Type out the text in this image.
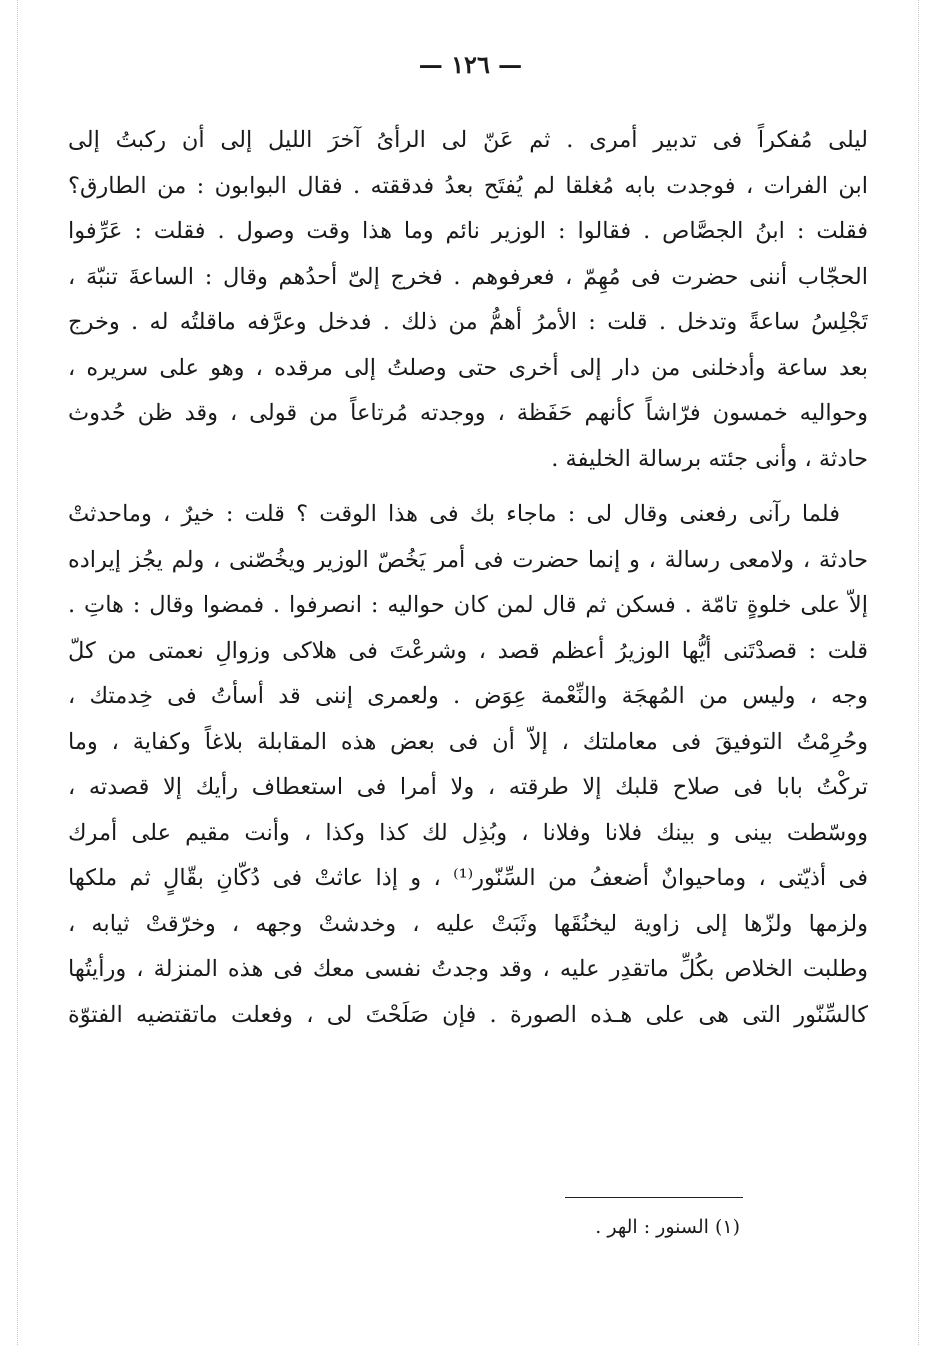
— ١٢٦ —
ليلى مُفكراً فى تدبير أمرى . ثم عَنّ لى الرأىُ آخرَ الليل إلى أن ركبتُ إلى
ابن الفرات ، فوجدت بابه مُغلقا لم يُفتَح بعدُ فدققته . فقال البوابون : من الطارق؟
فقلت : ابنُ الجصَّاص . فقالوا : الوزير نائم وما هذا وقت وصول . فقلت : عَرِّفوا
الحجّاب أننى حضرت فى مُهِمّ ، فعرفوهم . فخرج إلىّ أحدُهم وقال : الساعةَ تنبّهَ ،
تَجْلِسُ ساعةً وتدخل . قلت : الأمرُ أهمُّ من ذلك . فدخل وعرَّفه ماقلتُه له . وخرج
بعد ساعة وأدخلنى من دار إلى أخرى حتى وصلتُ إلى مرقده ، وهو على سريره ،
وحواليه خمسون فرّاشاً كأنهم حَفَظة ، ووجدته مُرتاعاً من قولى ، وقد ظن حُدوث
حادثة ، وأنى جئته برسالة الخليفة .
فلما رآنى رفعنى وقال لى : ماجاء بك فى هذا الوقت ؟ قلت : خيرٌ ، وماحدثتْ
حادثة ، ولامعى رسالة ، و إنما حضرت فى أمر يَخُصّ الوزير ويخُصّنى ، ولم يجُز إيراده
إلاّ على خلوةٍ تامّة . فسكن ثم قال لمن كان حواليه : انصرفوا . فمضوا وقال : هاتِ .
قلت : قصدْتَنى أيُّها الوزيرُ أعظم قصد ، وشرعْتَ فى هلاكى وزوالِ نعمتى من كلّ
وجه ، وليس من المُهجَة والنِّعْمة عِوَض . ولعمرى إننى قد أسأتُ فى خِدمتك ،
وحُرِمْتُ التوفيقَ فى معاملتك ، إلاّ أن فى بعض هذه المقابلة بلاغاً وكفاية ، وما
تركْتُ بابا فى صلاح قلبك إلا طرقته ، ولا أمرا فى استعطاف رأيك إلا قصدته ،
ووسّطت بينى و بينك فلانا وفلانا ، وبُذِل لك كذا وكذا ، وأنت مقيم على أمرك
فى أذيّتى ، وماحيوانٌ أضعفُ من السِّنّور⁽¹⁾ ، و إذا عاثتْ فى دُكّانِ بقّالٍ ثم ملكها
ولزمها ولزّها إلى زاوية ليخنُقَها وثَبَتْ عليه ، وخدشتْ وجهه ، وخرّقتْ ثيابه ،
وطلبت الخلاص بكُلِّ ماتقدِر عليه ، وقد وجدتُ نفسى معك فى هذه المنزلة ، ورأيتُها
كالسِّنّور التى هى على هـذه الصورة . فإن صَلَحْتَ لى ، وفعلت ماتقتضيه الفتوّة
(١) السنور : الهر .
